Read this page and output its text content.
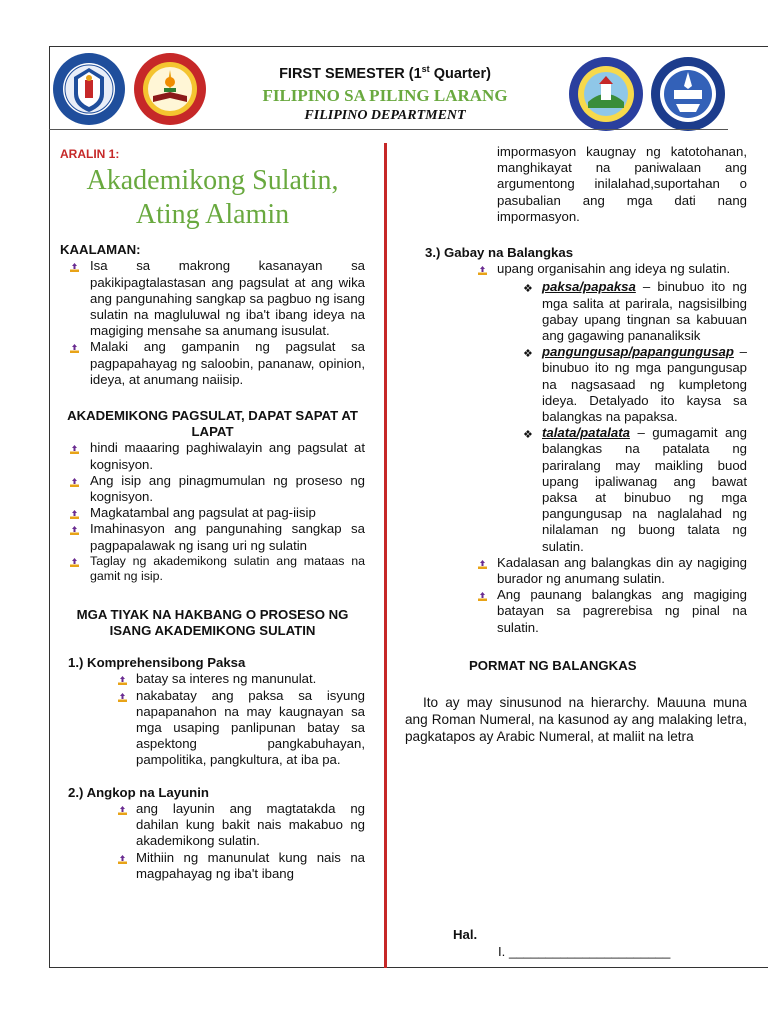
FIRST SEMESTER (1st Quarter)
FILIPINO SA PILING LARANG
FILIPINO DEPARTMENT
ARALIN 1:
Akademikong Sulatin,
Ating Alamin
KAALAMAN:
Isa sa makrong kasanayan sa pakikipagtalastasan ang pagsulat at ang wika ang pangunahing sangkap sa pagbuo ng isang sulatin na magluluwal ng iba't ibang ideya na magiging mensahe sa anumang isusulat.
Malaki ang gampanin ng pagsulat sa pagpapahayag ng saloobin, pananaw, opinion, ideya, at anumang naiisip.
AKADEMIKONG PAGSULAT, DAPAT SAPAT AT LAPAT
hindi maaaring paghiwalayin ang pagsulat at kognisyon.
Ang isip ang pinagmumulan ng proseso ng kognisyon.
Magkatambal ang pagsulat at pag-iisip
Imahinasyon ang pangunahing sangkap sa pagpapalawak ng isang uri ng sulatin
Taglay ng akademikong sulatin ang mataas na gamit ng isip.
MGA TIYAK NA HAKBANG O PROSESO NG ISANG AKADEMIKONG SULATIN
1.) Komprehensibong Paksa
batay sa interes ng manunulat.
nakabatay ang paksa sa isyung napapanahon na may kaugnayan sa mga usaping panlipunan batay sa aspektong pangkabuhayan, pampolitika, pangkultura, at iba pa.
2.) Angkop na Layunin
ang layunin ang magtatakda ng dahilan kung bakit nais makabuo ng akademikong sulatin.
Mithiin ng manunulat kung nais na magpahayag ng iba't ibang
impormasyon kaugnay ng katotohanan, manghikayat na paniwalaan ang argumentong inilalahad,suportahan o pasubalian ang mga dati nang impormasyon.
3.) Gabay na Balangkas
upang organisahin ang ideya ng sulatin.
❖ paksa/papaksa – binubuo ito ng mga salita at parirala, nagsisilbing gabay upang tingnan sa kabuuan ang gagawing pananaliksik
❖ pangungusap/papangungusap – binubuo ito ng mga pangungusap na nagsasaad ng kumpletong ideya. Detalyado ito kaysa sa balangkas na papaksa.
❖ talata/patalata – gumagamit ang balangkas na patalata ng pariralang may maikling buod upang ipaliwanag ang bawat paksa at binubuo ng mga pangungusap na naglalahad ng nilalaman ng buong talata ng sulatin.
Kadalasan ang balangkas din ay nagiging burador ng anumang sulatin.
Ang paunang balangkas ang magiging batayan sa pagrerebisa ng pinal na sulatin.
PORMAT NG BALANGKAS

Ito ay may sinusunod na hierarchy. Mauuna muna ang Roman Numeral, na kasunod ay ang malaking letra, pagkatapos ay Arabic Numeral, at maliit na letra

Hal.
I. ______________________
